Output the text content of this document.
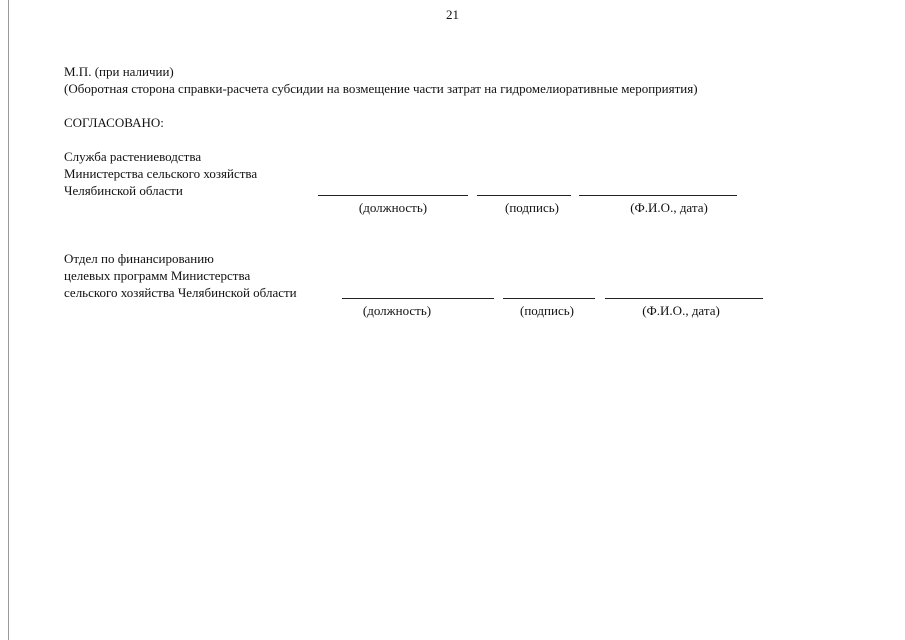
21
М.П. (при наличии)
(Оборотная сторона справки-расчета субсидии на возмещение части затрат на гидромелиоративные мероприятия)
СОГЛАСОВАНО:
Служба растениеводства
Министерства сельского хозяйства
Челябинской области
(должность)	(подпись)	(Ф.И.О., дата)
Отдел по финансированию
целевых программ Министерства
сельского хозяйства Челябинской области
(должность)	(подпись)	(Ф.И.О., дата)
